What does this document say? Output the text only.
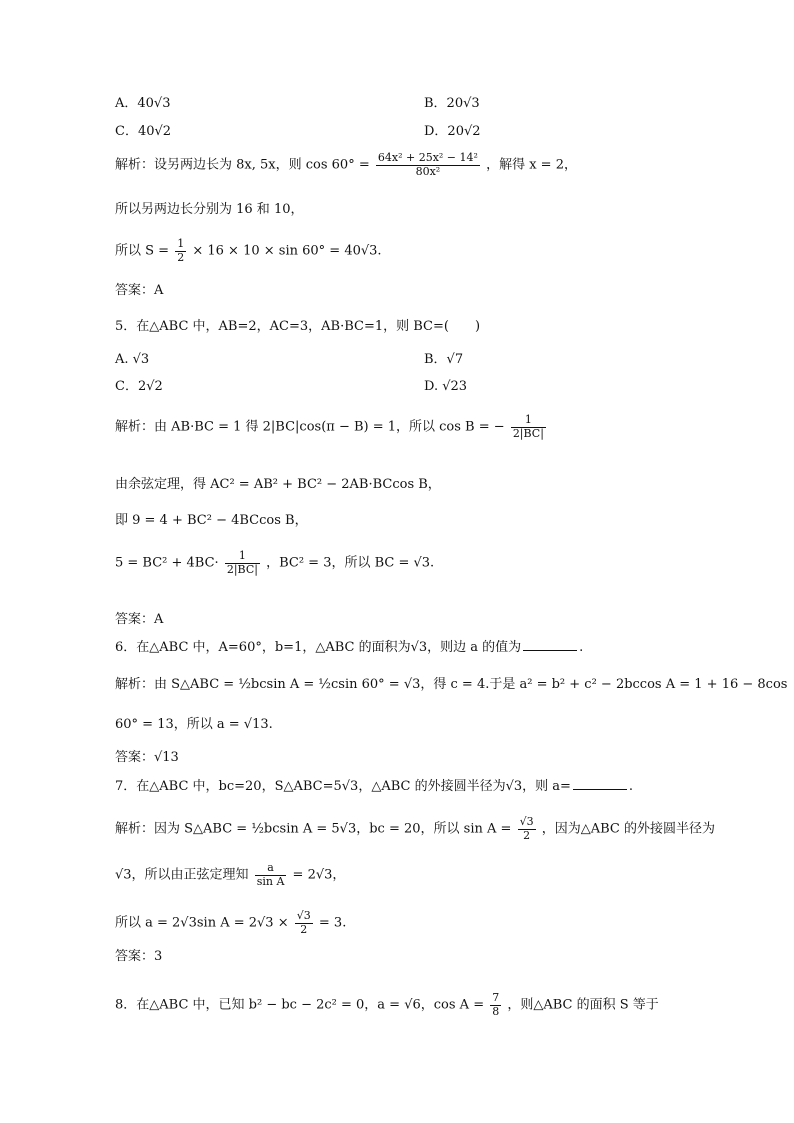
A．40√3	B．20√3
C．40√2	D．20√2
解析：设另两边长为 8x, 5x，则 $\cos 60^\circ = \frac{\text{64x² + 25x² − 14²}}{\text{80x²}}$ ，解得 x = 2，
所以另两边长分别为 16 和 10，
所以 $S = \frac{1}{2} \times 16 \times 10 \times \sin 60^\circ = 40√3$.
答案：A
5．在△ABC 中，AB=2，AC=3，AB·BC=1，则 BC=(　　)
A. √3	B．√7
C．2√2	D. √23
解析：由 AB·BC = 1 得 2|BC|cos(π − B) = 1，所以 cos B = − $\frac{1}{2|BC|}$
由余弦定理，得 AC² = AB² + BC² − 2AB·BCcos B，
即 9 = 4 + BC² − 4BCcos B，
$5 = BC^2 + 4BC\cdot \frac{1}{2|BC|}$ ，BC² = 3，所以 BC = √3.
答案：A
6．在△ABC 中，A=60°，b=1，△ABC 的面积为√3，则边 a 的值为	.
解析：由 S△ABC = ½bcsin A = ½csin 60° = √3，得 c = 4.于是 a² = b² + c² − 2bccos A = 1 + 16 − 8cos
60° = 13，所以 a = √13.
答案：√13
7．在△ABC 中，bc=20，S△ABC=5√3，△ABC 的外接圆半径为√3，则 a=	.
解析：因为 S△ABC = ½bcsin A = 5√3，bc = 20，所以 $\sin A = \frac{√3}{2}$ ，因为△ABC 的外接圆半径为
√3，所以由正弦定理知 $\frac{a}{\text{sin A}} = 2√3$，
所以 a = 2√3sin $A = 2√3 \times \frac{√3}{2} = 3$.
答案：3
8．在△ABC 中，已知 b² − bc − 2c² = 0，a = √6，$\cos A = \frac{7}{8}$ ，则△ABC 的面积 S 等于
